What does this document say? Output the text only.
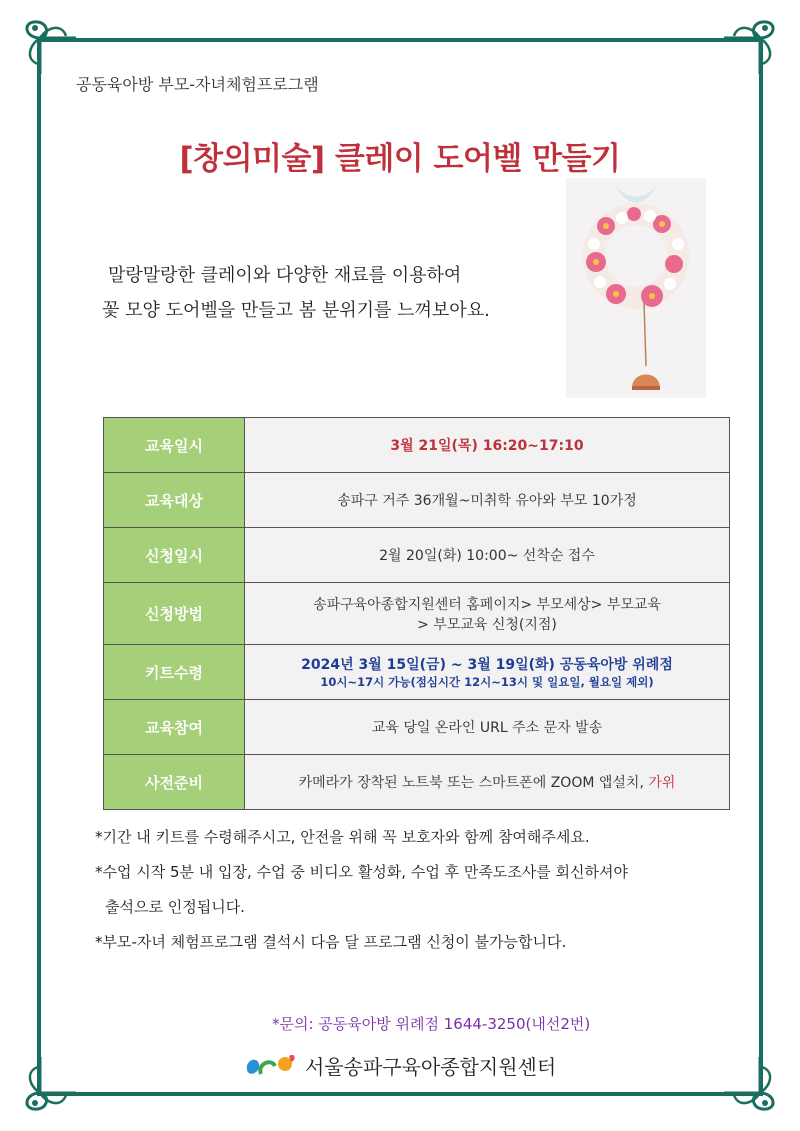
공동육아방 부모-자녀체험프로그램
[창의미술] 클레이 도어벨 만들기
말랑말랑한 클레이와 다양한 재료를 이용하여
꽃 모양 도어벨을 만들고 봄 분위기를 느껴보아요.
교육일시	3월 21일(목) 16:20~17:10
교육대상	송파구 거주 36개월~미취학 유아와 부모 10가정
신청일시	2월 20일(화) 10:00~ 선착순 접수
신청방법	송파구육아종합지원센터 홈페이지> 부모세상> 부모교육
> 부모교육 신청(지점)

키트수령	2024년 3월 15일(금) ~ 3월 19일(화) 공동육아방 위례점
10시~17시 가능(점심시간 12시~13시 및 일요일, 월요일 제외)

교육참여	교육 당일 온라인 URL 주소 문자 발송
사전준비	카메라가 장착된 노트북 또는 스마트폰에 ZOOM 앱설치, 가위
*기간 내 키트를 수령해주시고, 안전을 위해 꼭 보호자와 함께 참여해주세요.
*수업 시작 5분 내 입장, 수업 중 비디오 활성화, 수업 후 만족도조사를 회신하셔야
출석으로 인정됩니다.
*부모-자녀 체험프로그램 결석시 다음 달 프로그램 신청이 불가능합니다.
*문의: 공동육아방 위례점 1644-3250(내선2번)
서울송파구육아종합지원센터
